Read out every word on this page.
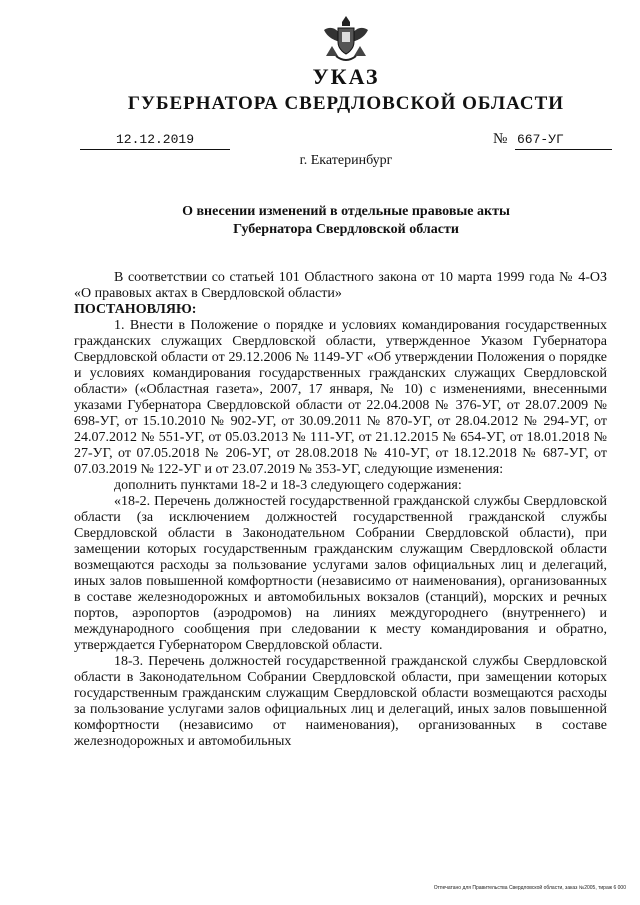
УКАЗ
ГУБЕРНАТОРА СВЕРДЛОВСКОЙ ОБЛАСТИ
12.12.2019	№ 667-УГ
г. Екатеринбург
О внесении изменений в отдельные правовые акты
Губернатора Свердловской области

В соответствии со статьей 101 Областного закона от 10 марта 1999 года № 4-ОЗ «О правовых актах в Свердловской области»

ПОСТАНОВЛЯЮ:

1. Внести в Положение о порядке и условиях командирования государственных гражданских служащих Свердловской области, утвержденное Указом Губернатора Свердловской области от 29.12.2006 № 1149-УГ «Об утверждении Положения о порядке и условиях командирования государственных гражданских служащих Свердловской области» («Областная газета», 2007, 17 января, № 10) с изменениями, внесенными указами Губернатора Свердловской области от 22.04.2008 № 376-УГ, от 28.07.2009 № 698-УГ, от 15.10.2010 № 902-УГ, от 30.09.2011 № 870-УГ, от 28.04.2012 № 294-УГ, от 24.07.2012 № 551-УГ, от 05.03.2013 № 111-УГ, от 21.12.2015 № 654-УГ, от 18.01.2018 № 27-УГ, от 07.05.2018 № 206-УГ, от 28.08.2018 № 410-УГ, от 18.12.2018 № 687-УГ, от 07.03.2019 № 122-УГ и от 23.07.2019 № 353-УГ, следующие изменения:

дополнить пунктами 18-2 и 18-3 следующего содержания:

«18-2. Перечень должностей государственной гражданской службы Свердловской области (за исключением должностей государственной гражданской службы Свердловской области в Законодательном Собрании Свердловской области), при замещении которых государственным гражданским служащим Свердловской области возмещаются расходы за пользование услугами залов официальных лиц и делегаций, иных залов повышенной комфортности (независимо от наименования), организованных в составе железнодорожных и автомобильных вокзалов (станций), морских и речных портов, аэропортов (аэродромов) на линиях междугороднего (внутреннего) и международного сообщения при следовании к месту командирования и обратно, утверждается Губернатором Свердловской области.

18-3. Перечень должностей государственной гражданской службы Свердловской области в Законодательном Собрании Свердловской области, при замещении которых государственным гражданским служащим Свердловской области возмещаются расходы за пользование услугами залов официальных лиц и делегаций, иных залов повышенной комфортности (независимо от наименования), организованных в составе железнодорожных и автомобильных

Отпечатано для Правительства Свердловской области, заказ №2005, тираж 6 000
